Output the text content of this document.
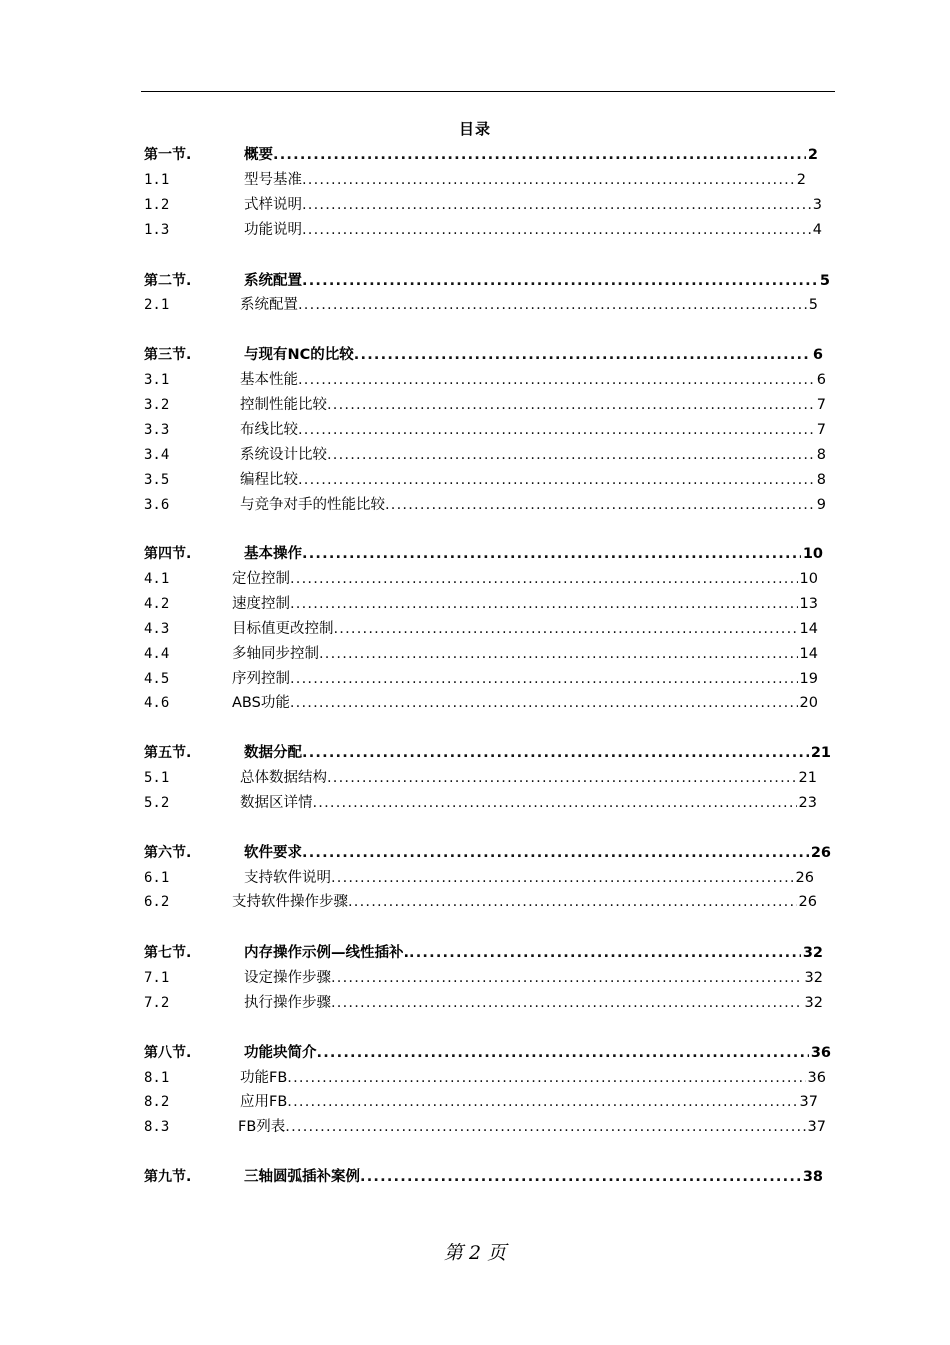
目录
第一节.	概要 .....	2
1.1	型号基准 .....	2
1.2	式样说明 .....	3
1.3	功能说明 .....	4
第二节.	系统配置 .....	5
2.1	系统配置 .....	5
第三节.	与现有NC的比较 .....	6
3.1	基本性能 .....	6
3.2	控制性能比较 .....	7
3.3	布线比较 .....	7
3.4	系统设计比较 .....	8
3.5	编程比较 .....	8
3.6	与竞争对手的性能比较 .....	9
第四节.	基本操作 .....	10
4.1	定位控制 .....	10
4.2	速度控制 .....	13
4.3	目标值更改控制 .....	14
4.4	多轴同步控制 .....	14
4.5	序列控制 .....	19
4.6	ABS功能 .....	20
第五节.	数据分配 .....	21
5.1	总体数据结构 .....	21
5.2	数据区详情 .....	23
第六节.	软件要求 .....	26
6.1	支持软件说明 .....	26
6.2	支持软件操作步骤 .....	26
第七节.	内存操作示例—线性插补. .....	32
7.1	设定操作步骤 .....	32
7.2	执行操作步骤 .....	32
第八节.	功能块简介 .....	36
8.1	功能FB .....	36
8.2	应用FB .....	37
8.3	FB列表 .....	37
第九节.	三轴圆弧插补案例 .....	38
第 2 页
